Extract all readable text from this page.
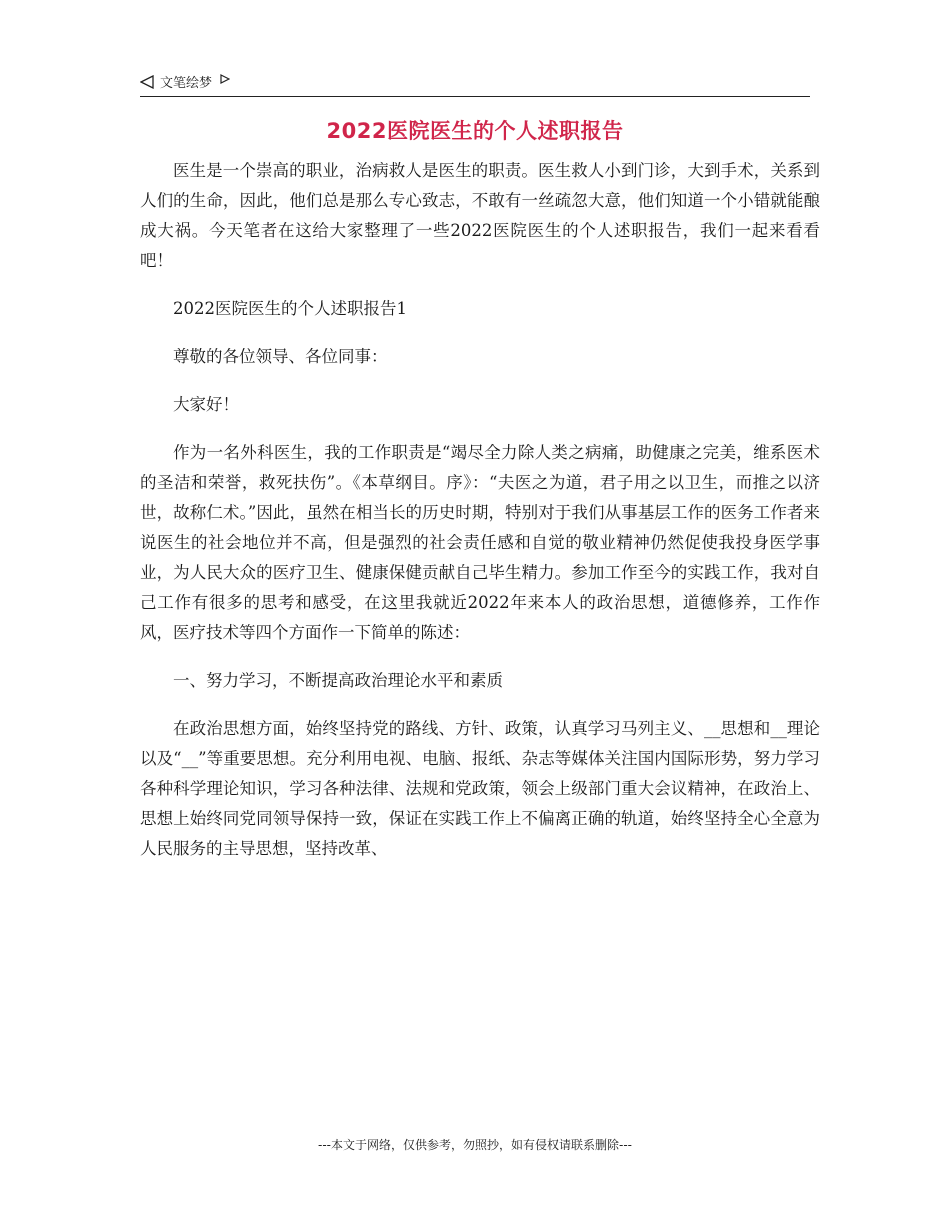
文笔绘梦
2022医院医生的个人述职报告

医生是一个崇高的职业，治病救人是医生的职责。医生救人小到门诊，大到手术，关系到人们的生命，因此，他们总是那么专心致志，不敢有一丝疏忽大意，他们知道一个小错就能酿成大祸。今天笔者在这给大家整理了一些2022医院医生的个人述职报告，我们一起来看看吧！

2022医院医生的个人述职报告1

尊敬的各位领导、各位同事：

大家好！

作为一名外科医生，我的工作职责是“竭尽全力除人类之病痛，助健康之完美，维系医术的圣洁和荣誉，救死扶伤”。《本草纲目。序》：“夫医之为道，君子用之以卫生，而推之以济世，故称仁术。”因此，虽然在相当长的历史时期，特别对于我们从事基层工作的医务工作者来说医生的社会地位并不高，但是强烈的社会责任感和自觉的敬业精神仍然促使我投身医学事业，为人民大众的医疗卫生、健康保健贡献自己毕生精力。参加工作至今的实践工作，我对自己工作有很多的思考和感受，在这里我就近2022年来本人的政治思想，道德修养，工作作风，医疗技术等四个方面作一下简单的陈述：

一、努力学习，不断提高政治理论水平和素质

在政治思想方面，始终坚持党的路线、方针、政策，认真学习马列主义、__思想和__理论以及“__”等重要思想。充分利用电视、电脑、报纸、杂志等媒体关注国内国际形势，努力学习各种科学理论知识，学习各种法律、法规和党政策，领会上级部门重大会议精神，在政治上、思想上始终同党同领导保持一致，保证在实践工作上不偏离正确的轨道，始终坚持全心全意为人民服务的主导思想，坚持改革、

---本文于网络，仅供参考，勿照抄，如有侵权请联系删除---
